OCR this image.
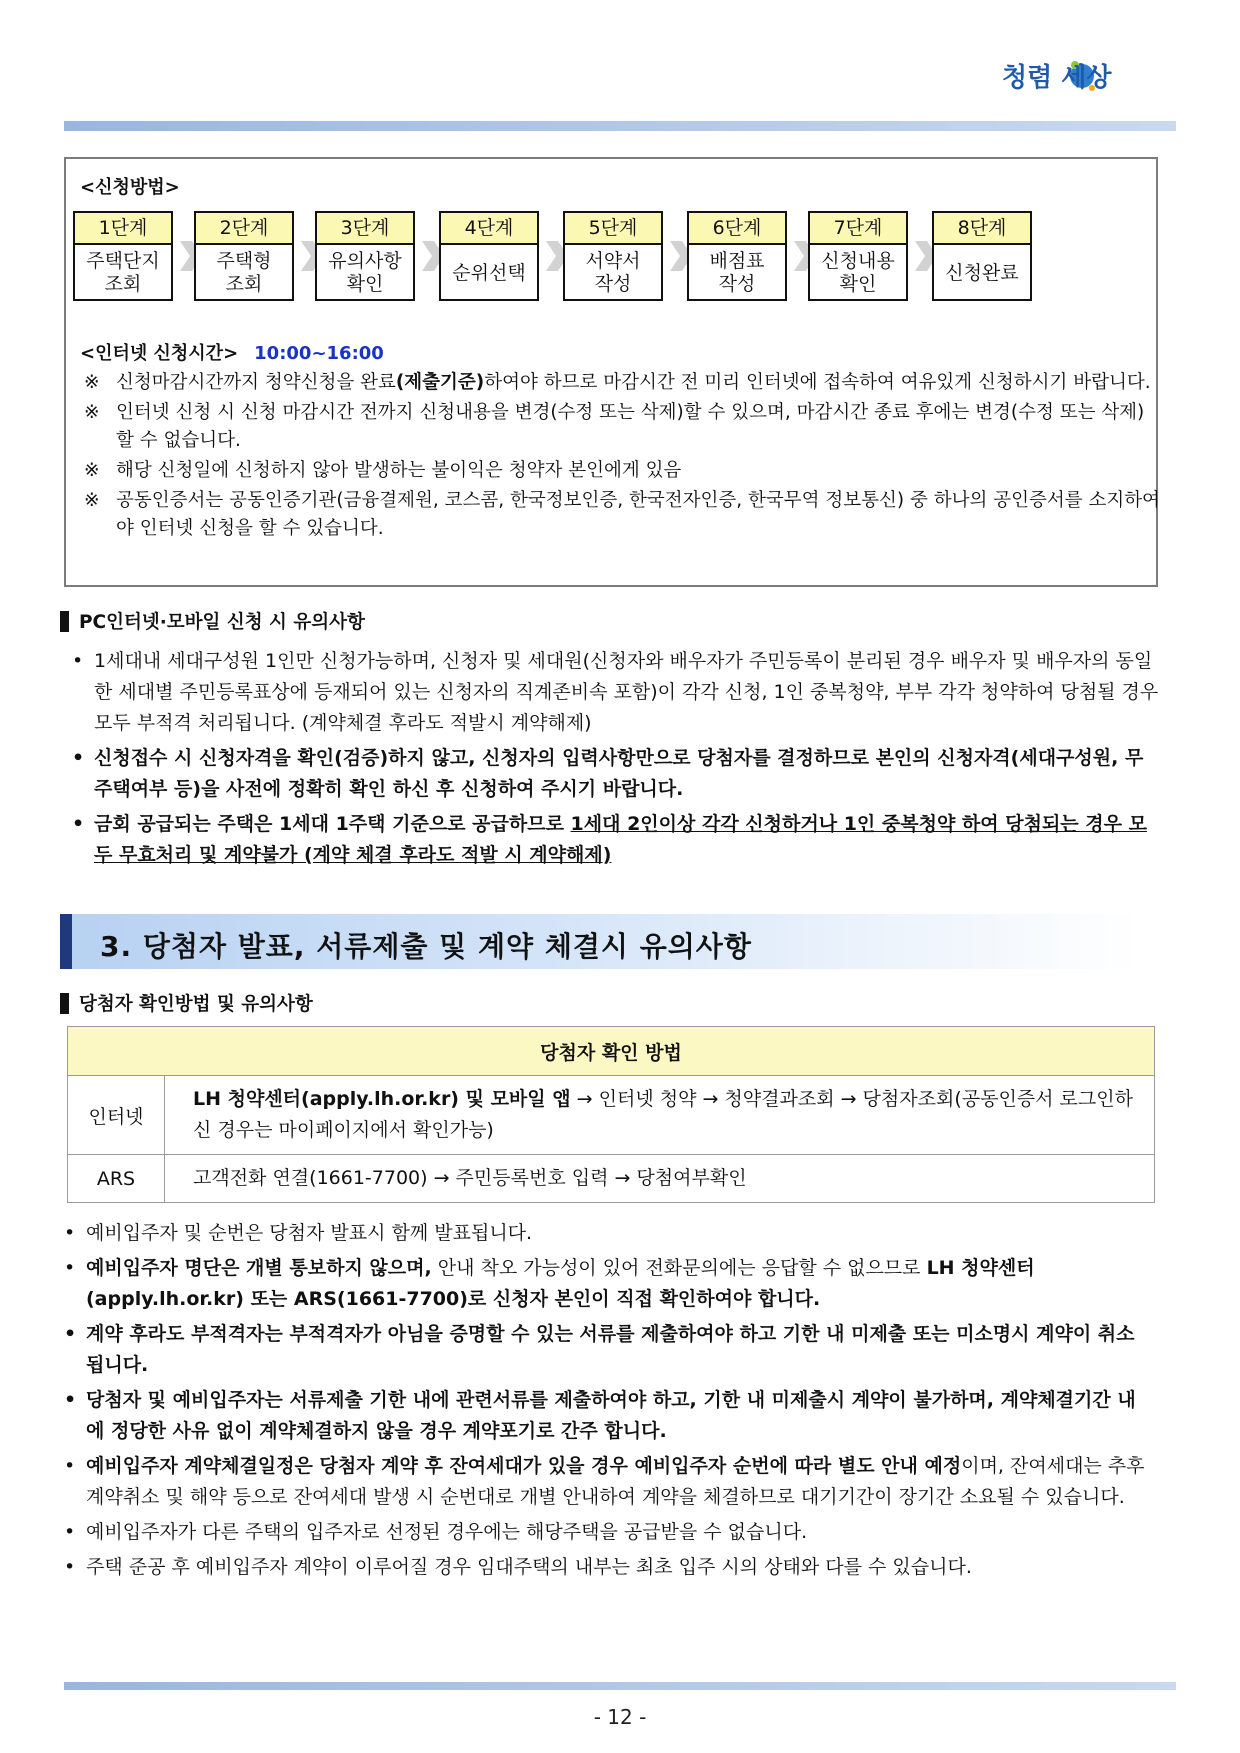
청렴 세상
<신청방법>
1단계
주택단지
조회
2단계
주택형
조회
3단계
유의사항
확인
4단계
순위선택
5단계
서약서
작성
6단계
배점표
작성
7단계
신청내용
확인
8단계
신청완료
<인터넷 신청시간> 10:00~16:00
※ 신청마감시간까지 청약신청을 완료(제출기준)하여야 하므로 마감시간 전 미리 인터넷에 접속하여 여유있게 신청하시기 바랍니다.
※ 인터넷 신청 시 신청 마감시간 전까지 신청내용을 변경(수정 또는 삭제)할 수 있으며, 마감시간 종료 후에는 변경(수정 또는 삭제) 할 수 없습니다.
※ 해당 신청일에 신청하지 않아 발생하는 불이익은 청약자 본인에게 있음
※ 공동인증서는 공동인증기관(금융결제원, 코스콤, 한국정보인증, 한국전자인증, 한국무역 정보통신) 중 하나의 공인증서를 소지하여야 인터넷 신청을 할 수 있습니다.
PC인터넷·모바일 신청 시 유의사항
• 1세대내 세대구성원 1인만 신청가능하며, 신청자 및 세대원(신청자와 배우자가 주민등록이 분리된 경우 배우자 및 배우자의 동일한 세대별 주민등록표상에 등재되어 있는 신청자의 직계존비속 포함)이 각각 신청, 1인 중복청약, 부부 각각 청약하여 당첨될 경우 모두 부적격 처리됩니다. (계약체결 후라도 적발시 계약해제)
• 신청접수 시 신청자격을 확인(검증)하지 않고, 신청자의 입력사항만으로 당첨자를 결정하므로 본인의 신청자격(세대구성원, 무주택여부 등)을 사전에 정확히 확인 하신 후 신청하여 주시기 바랍니다.
• 금회 공급되는 주택은 1세대 1주택 기준으로 공급하므로 1세대 2인이상 각각 신청하거나 1인 중복청약 하여 당첨되는 경우 모두 무효처리 및 계약불가 (계약 체결 후라도 적발 시 계약해제)
3. 당첨자 발표, 서류제출 및 계약 체결시 유의사항
당첨자 확인방법 및 유의사항
당첨자 확인 방법	
인터넷	LH 청약센터(apply.lh.or.kr) 및 모바일 앱 → 인터넷 청약 → 청약결과조회 → 당첨자조회(공동인증서 로그인하신 경우는 마이페이지에서 확인가능)
ARS	고객전화 연결(1661-7700) → 주민등록번호 입력 → 당첨여부확인
• 예비입주자 및 순번은 당첨자 발표시 함께 발표됩니다.
• 예비입주자 명단은 개별 통보하지 않으며, 안내 착오 가능성이 있어 전화문의에는 응답할 수 없으므로 LH 청약센터(apply.lh.or.kr) 또는 ARS(1661-7700)로 신청자 본인이 직접 확인하여야 합니다.
• 계약 후라도 부적격자는 부적격자가 아님을 증명할 수 있는 서류를 제출하여야 하고 기한 내 미제출 또는 미소명시 계약이 취소됩니다.
• 당첨자 및 예비입주자는 서류제출 기한 내에 관련서류를 제출하여야 하고, 기한 내 미제출시 계약이 불가하며, 계약체결기간 내에 정당한 사유 없이 계약체결하지 않을 경우 계약포기로 간주 합니다.
• 예비입주자 계약체결일정은 당첨자 계약 후 잔여세대가 있을 경우 예비입주자 순번에 따라 별도 안내 예정이며, 잔여세대는 추후 계약취소 및 해약 등으로 잔여세대 발생 시 순번대로 개별 안내하여 계약을 체결하므로 대기기간이 장기간 소요될 수 있습니다.
• 예비입주자가 다른 주택의 입주자로 선정된 경우에는 해당주택을 공급받을 수 없습니다.
• 주택 준공 후 예비입주자 계약이 이루어질 경우 임대주택의 내부는 최초 입주 시의 상태와 다를 수 있습니다.
- 12 -
